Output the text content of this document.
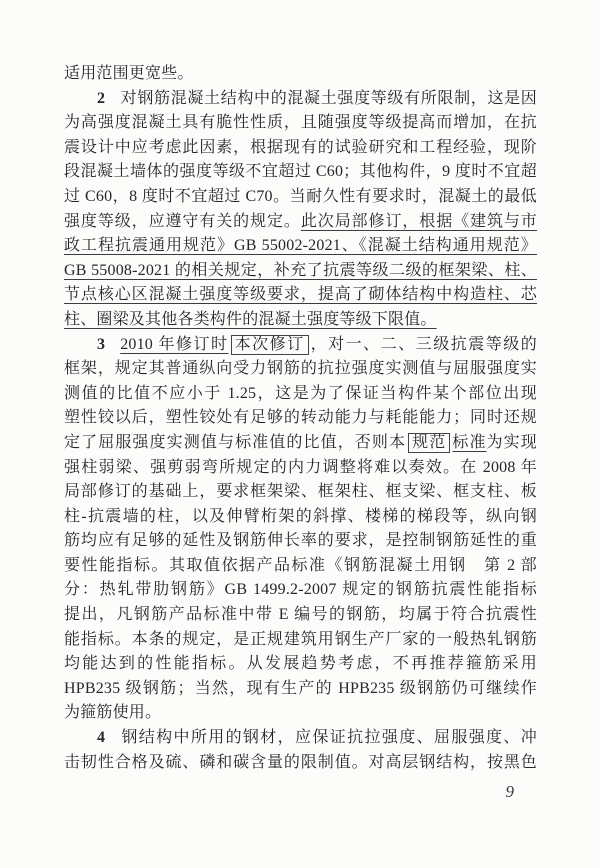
适用范围更宽些。
2 对钢筋混凝土结构中的混凝土强度等级有所限制，这是因
为高强度混凝土具有脆性性质，且随强度等级提高而增加，在抗
震设计中应考虑此因素，根据现有的试验研究和工程经验，现阶
段混凝土墙体的强度等级不宜超过 C60；其他构件，9 度时不宜超
过 C60，8 度时不宜超过 C70。当耐久性有要求时，混凝土的最低
强度等级，应遵守有关的规定。此次局部修订，根据《建筑与市
政工程抗震通用规范》GB 55002-2021、《混凝土结构通用规范》
GB 55008-2021 的相关规定，补充了抗震等级二级的框架梁、柱、
节点核心区混凝土强度等级要求，提高了砌体结构中构造柱、芯
柱、圈梁及其他各类构件的混凝土强度等级下限值。
3 2010 年修订时 本次修订 ，对一、二、三级抗震等级的
框架，规定其普通纵向受力钢筋的抗拉强度实测值与屈服强度实
测值的比值不应小于 1.25，这是为了保证当构件某个部位出现
塑性铰以后，塑性铰处有足够的转动能力与耗能能力；同时还规
定了屈服强度实测值与标准值的比值，否则本 规范 标准为实现
强柱弱梁、强剪弱弯所规定的内力调整将难以奏效。在 2008 年
局部修订的基础上，要求框架梁、框架柱、框支梁、框支柱、板
柱-抗震墙的柱，以及伸臂桁架的斜撑、楼梯的梯段等，纵向钢
筋均应有足够的延性及钢筋伸长率的要求，是控制钢筋延性的重
要性能指标。其取值依据产品标准《钢筋混凝土用钢　第 2 部
分：热轧带肋钢筋》GB 1499.2-2007 规定的钢筋抗震性能指标
提出，凡钢筋产品标准中带 E 编号的钢筋，均属于符合抗震性
能指标。本条的规定，是正规建筑用钢生产厂家的一般热轧钢筋
均能达到的性能指标。从发展趋势考虑，不再推荐箍筋采用
HPB235 级钢筋；当然，现有生产的 HPB235 级钢筋仍可继续作
为箍筋使用。
4 钢结构中所用的钢材，应保证抗拉强度、屈服强度、冲
击韧性合格及硫、磷和碳含量的限制值。对高层钢结构，按黑色
9
